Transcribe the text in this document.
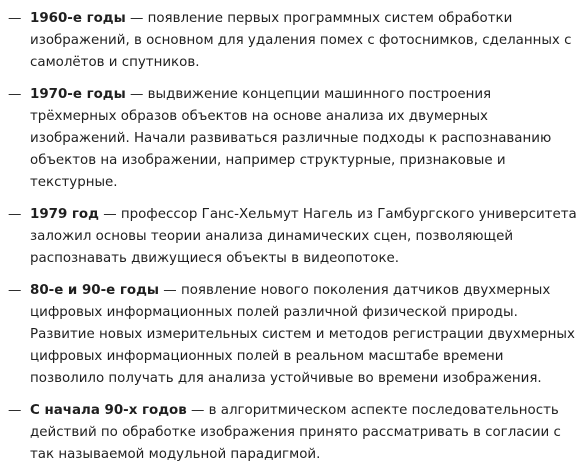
— 1960-е годы — появление первых программных систем обработки изображений, в основном для удаления помех с фотоснимков, сделанных с самолётов и спутников.
— 1970-е годы — выдвижение концепции машинного построения трёхмерных образов объектов на основе анализа их двумерных изображений. Начали развиваться различные подходы к распознаванию объектов на изображении, например структурные, признаковые и текстурные.
— 1979 год — профессор Ганс-Хельмут Нагель из Гамбургского университета заложил основы теории анализа динамических сцен, позволяющей распознавать движущиеся объекты в видеопотоке.
— 80-е и 90-е годы — появление нового поколения датчиков двухмерных цифровых информационных полей различной физической природы. Развитие новых измерительных систем и методов регистрации двухмерных цифровых информационных полей в реальном масштабе времени позволило получать для анализа устойчивые во времени изображения.
— С начала 90-х годов — в алгоритмическом аспекте последовательность действий по обработке изображения принято рассматривать в согласии с так называемой модульной парадигмой.
